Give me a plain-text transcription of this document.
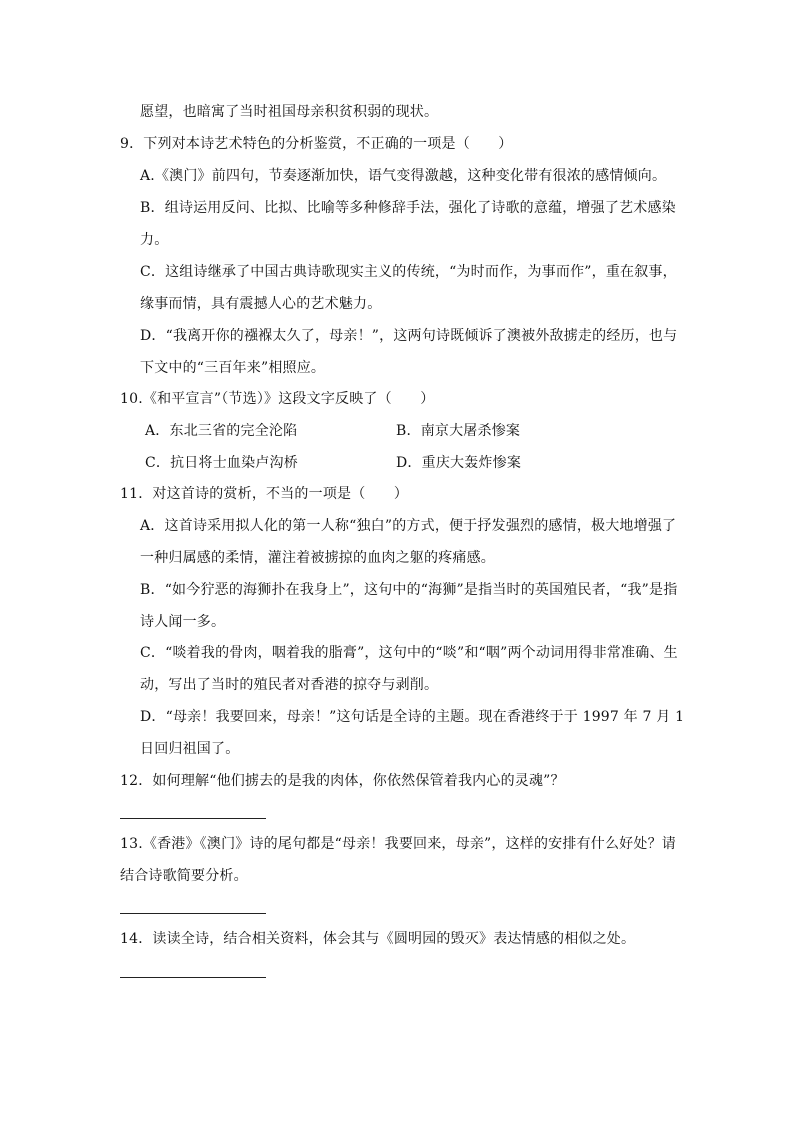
愿望，也暗寓了当时祖国母亲积贫积弱的现状。
9．下列对本诗艺术特色的分析鉴赏，不正确的一项是（　　）
A.《澳门》前四句，节奏逐渐加快，语气变得激越，这种变化带有很浓的感情倾向。
B．组诗运用反问、比拟、比喻等多种修辞手法，强化了诗歌的意蕴，增强了艺术感染
力。
C．这组诗继承了中国古典诗歌现实主义的传统，“为时而作，为事而作”，重在叙事，
缘事而情，具有震撼人心的艺术魅力。
D．“我离开你的襁褓太久了，母亲！”，这两句诗既倾诉了澳被外敌掳走的经历，也与
下文中的“三百年来”相照应。
10.《和平宣言”（节选）》这段文字反映了（　　）
A．东北三省的完全沦陷	B．南京大屠杀惨案
C．抗日将士血染卢沟桥	D．重庆大轰炸惨案
11．对这首诗的赏析，不当的一项是（　　）
A．这首诗采用拟人化的第一人称“独白”的方式，便于抒发强烈的感情，极大地增强了
一种归属感的柔情，灌注着被掳掠的血肉之躯的疼痛感。
B．“如今狞恶的海狮扑在我身上”，这句中的“海狮”是指当时的英国殖民者，“我”是指
诗人闻一多。
C．“啖着我的骨肉，咽着我的脂膏”，这句中的“啖”和“咽”两个动词用得非常准确、生
动，写出了当时的殖民者对香港的掠夺与剥削。
D．“母亲！我要回来，母亲！”这句话是全诗的主题。现在香港终于于 1997 年 7 月 1
日回归祖国了。
12．如何理解“他们掳去的是我的肉体，你依然保管着我内心的灵魂”？
13.《香港》《澳门》诗的尾句都是“母亲！我要回来，母亲”，这样的安排有什么好处？请
结合诗歌简要分析。
14．读读全诗，结合相关资料，体会其与《圆明园的毁灭》表达情感的相似之处。
